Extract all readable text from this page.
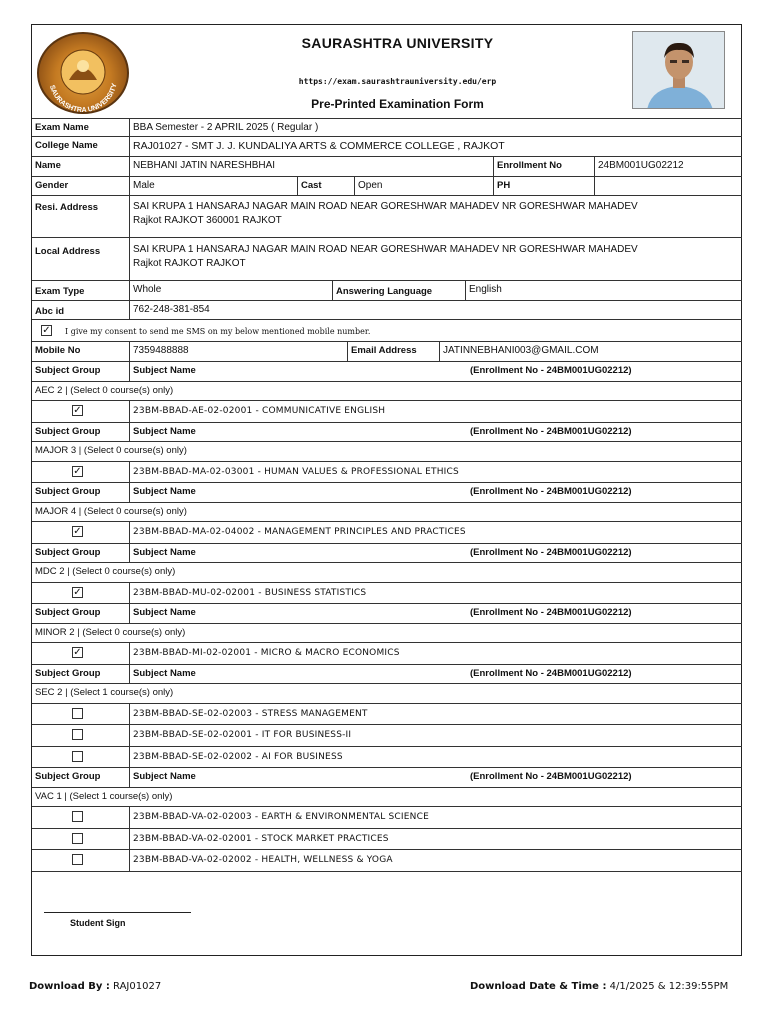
SAURASHTRA UNIVERSITY
SAURASHTRA UNIVERSITY
https://exam.saurashtrauniversity.edu/erp
Pre-Printed Examination Form
Exam Name	BBA Semester - 2 APRIL 2025 ( Regular )
College Name	RAJ01027 - SMT J. J. KUNDALIYA ARTS & COMMERCE COLLEGE , RAJKOT
Name	NEBHANI JATIN NARESHBHAI	Enrollment No	24BM001UG02212
Gender	Male	Cast	Open	PH
Resi. Address	SAI KRUPA 1 HANSARAJ NAGAR MAIN ROAD NEAR GORESHWAR MAHADEV NR GORESHWAR MAHADEV
Rajkot RAJKOT 360001 RAJKOT
Local Address	SAI KRUPA 1 HANSARAJ NAGAR MAIN ROAD NEAR GORESHWAR MAHADEV NR GORESHWAR MAHADEV
Rajkot RAJKOT RAJKOT
Exam Type	Whole	Answering Language	English
Abc id	762-248-381-854
✓	I give my consent to send me SMS on my below mentioned mobile number.
Mobile No	7359488888	Email Address	JATINNEBHANI003@GMAIL.COM
Subject Group	Subject Name	(Enrollment No - 24BM001UG02212)
AEC 2 | (Select 0 course(s) only)
✓	23BM-BBAD-AE-02-02001 - COMMUNICATIVE ENGLISH
Subject Group	Subject Name	(Enrollment No - 24BM001UG02212)
MAJOR 3 | (Select 0 course(s) only)
✓	23BM-BBAD-MA-02-03001 - HUMAN VALUES & PROFESSIONAL ETHICS
Subject Group	Subject Name	(Enrollment No - 24BM001UG02212)
MAJOR 4 | (Select 0 course(s) only)
✓	23BM-BBAD-MA-02-04002 - MANAGEMENT PRINCIPLES AND PRACTICES
Subject Group	Subject Name	(Enrollment No - 24BM001UG02212)
MDC 2 | (Select 0 course(s) only)
✓	23BM-BBAD-MU-02-02001 - BUSINESS STATISTICS
Subject Group	Subject Name	(Enrollment No - 24BM001UG02212)
MINOR 2 | (Select 0 course(s) only)
✓	23BM-BBAD-MI-02-02001 - MICRO & MACRO ECONOMICS
Subject Group	Subject Name	(Enrollment No - 24BM001UG02212)
SEC 2 | (Select 1 course(s) only)
23BM-BBAD-SE-02-02003 - STRESS MANAGEMENT
23BM-BBAD-SE-02-02001 - IT FOR BUSINESS-II
23BM-BBAD-SE-02-02002 - AI FOR BUSINESS
Subject Group	Subject Name	(Enrollment No - 24BM001UG02212)
VAC 1 | (Select 1 course(s) only)
23BM-BBAD-VA-02-02003 - EARTH & ENVIRONMENTAL SCIENCE
23BM-BBAD-VA-02-02001 - STOCK MARKET PRACTICES
23BM-BBAD-VA-02-02002 - HEALTH, WELLNESS & YOGA
Student Sign
Download By : RAJ01027	Download Date & Time : 4/1/2025 & 12:39:55PM
